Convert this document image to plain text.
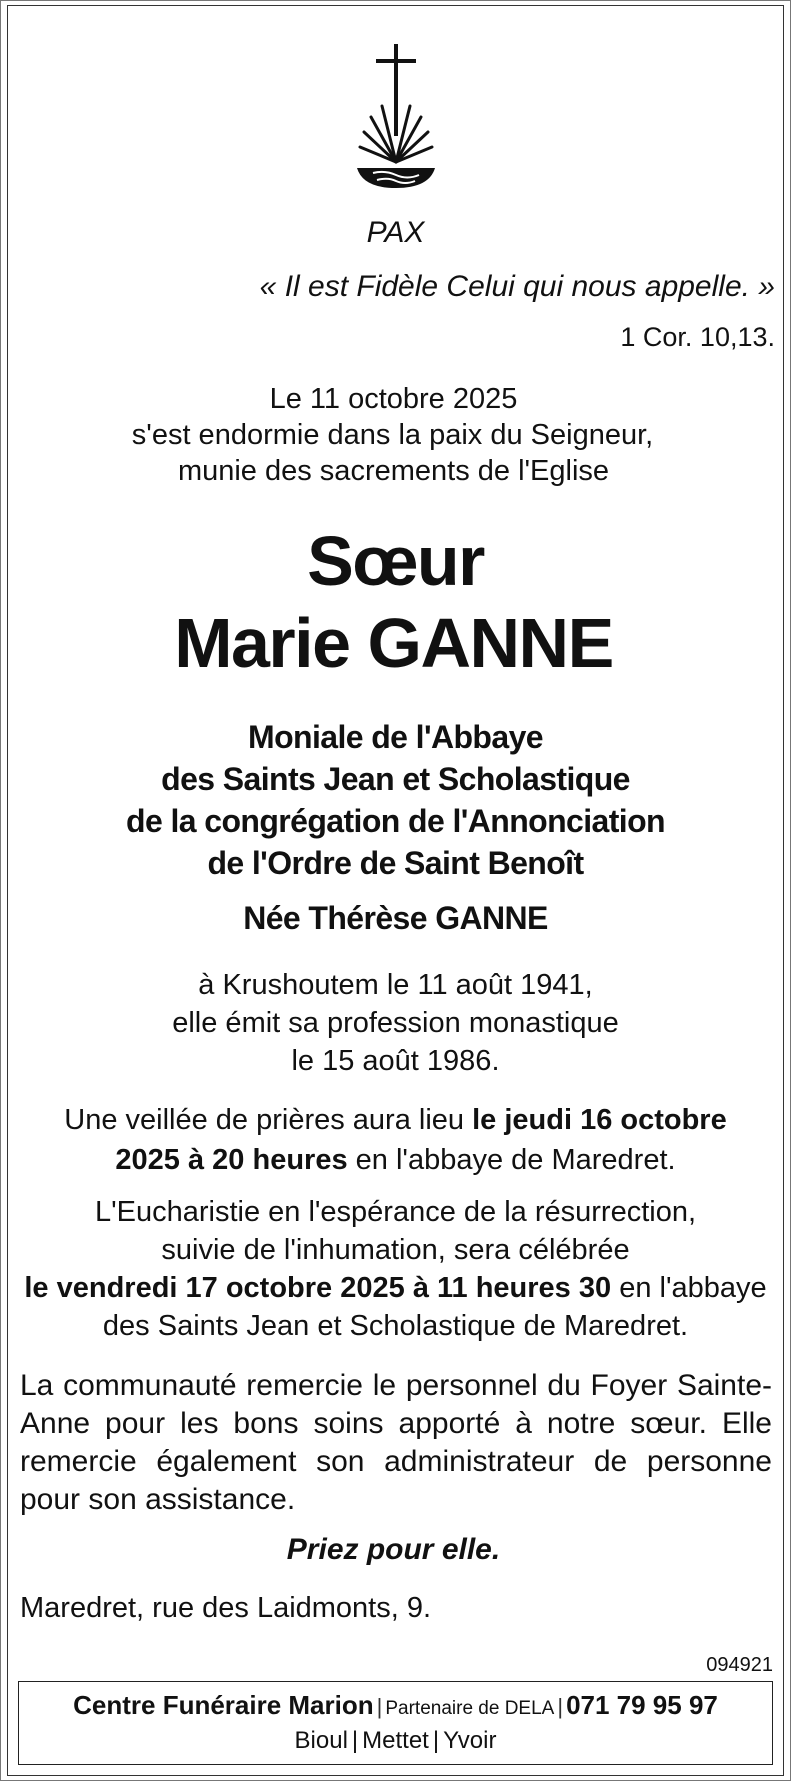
PAX
« Il est Fidèle Celui qui nous appelle. »
1 Cor. 10,13.
Le 11 octobre 2025
s'est endormie dans la paix du Seigneur,
munie des sacrements de l'Eglise
Sœur
Marie GANNE
Moniale de l'Abbaye
des Saints Jean et Scholastique
de la congrégation de l'Annonciation
de l'Ordre de Saint Benoît
Née Thérèse GANNE
à Krushoutem le 11 août 1941,
elle émit sa profession monastique
le 15 août 1986.
Une veillée de prières aura lieu le jeudi 16 octobre
2025 à 20 heures en l'abbaye de Maredret.
L'Eucharistie en l'espérance de la résurrection,
suivie de l'inhumation, sera célébrée
le vendredi 17 octobre 2025 à 11 heures 30 en l'abbaye
des Saints Jean et Scholastique de Maredret.
La communauté remercie le personnel du Foyer Sainte-Anne pour les bons soins apporté à notre sœur. Elle remercie également son administrateur de personne pour son assistance.
Priez pour elle.
Maredret, rue des Laidmonts, 9.
094921
Centre Funéraire Marion | Partenaire de DELA | 071 79 95 97
Bioul | Mettet | Yvoir
